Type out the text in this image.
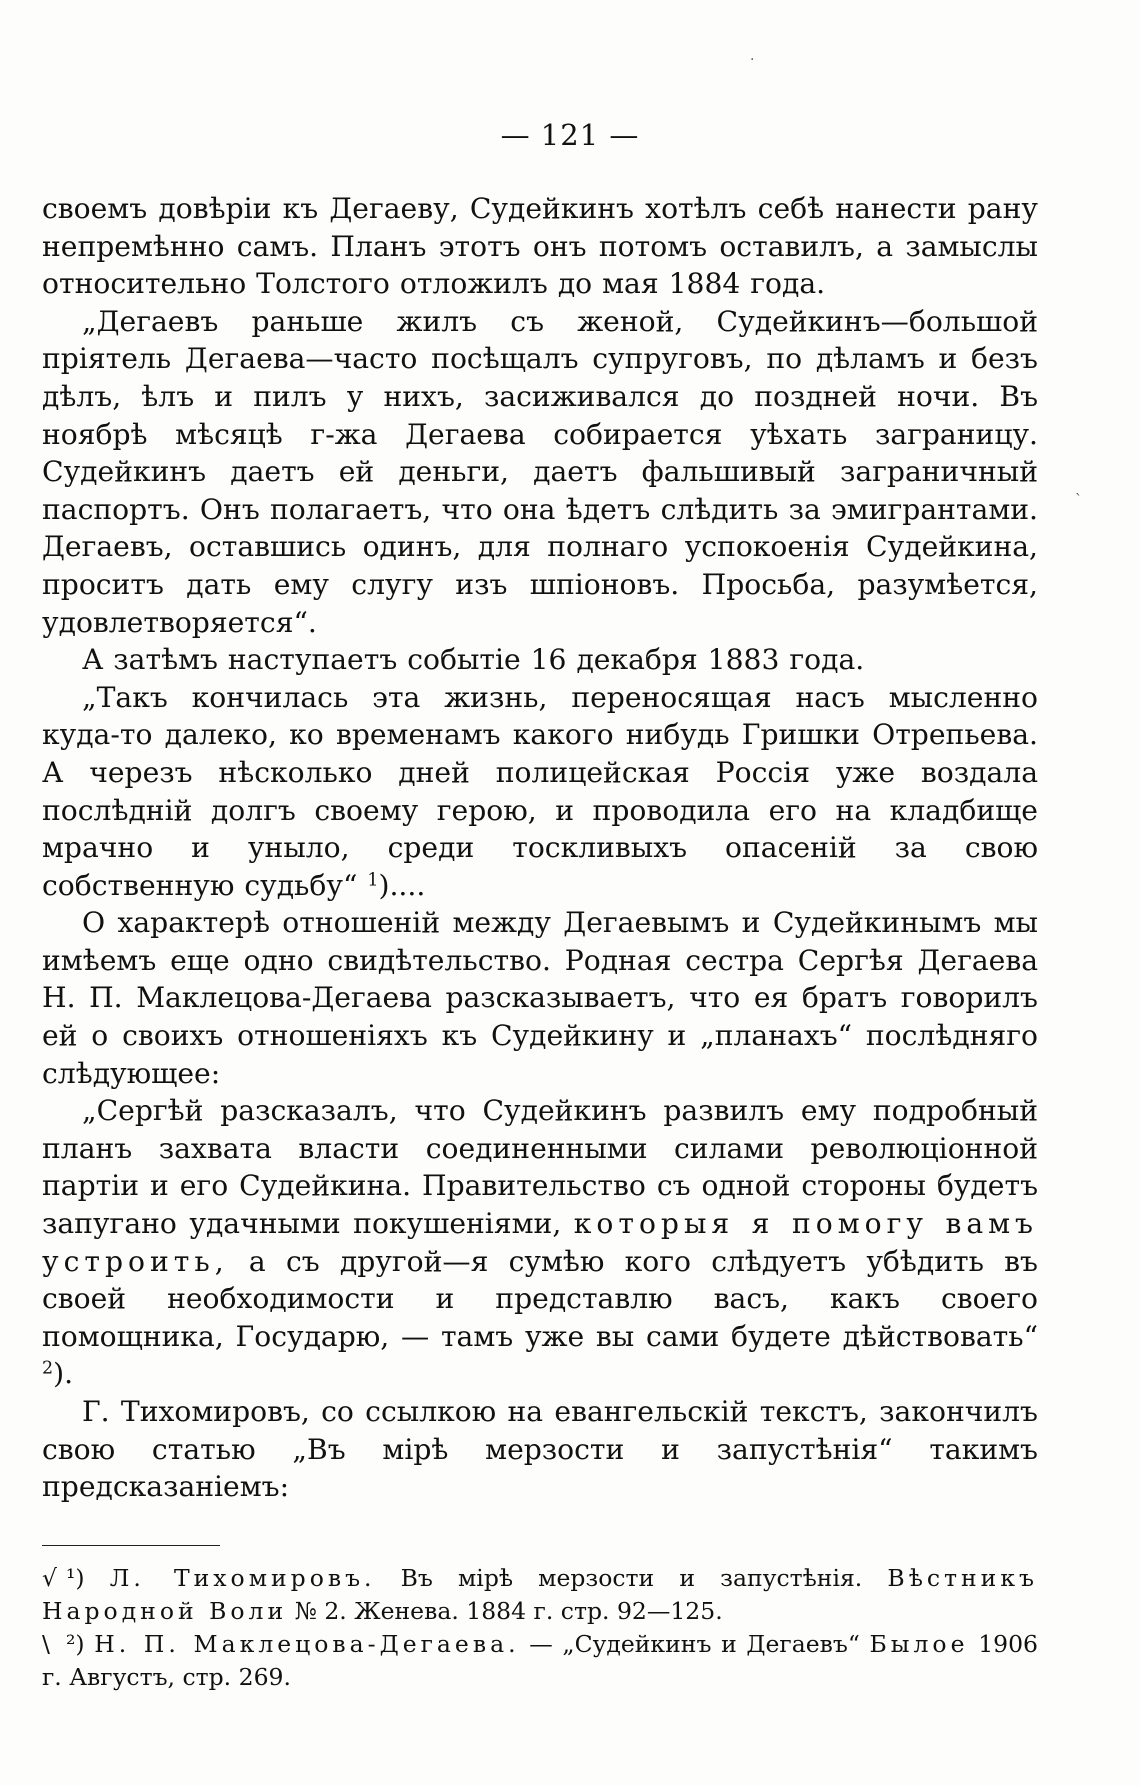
— 121 —
·
ˎ

своемъ довѣріи къ Дегаеву, Судейкинъ хотѣлъ себѣ нанести рану непремѣнно самъ. Планъ этотъ онъ потомъ оставилъ, а замыслы относительно Толстого отложилъ до мая 1884 года.

„Дегаевъ раньше жилъ съ женой, Судейкинъ—большой пріятель Дегаева—часто посѣщалъ супруговъ, по дѣламъ и безъ дѣлъ, ѣлъ и пилъ у нихъ, засиживался до поздней ночи. Въ ноябрѣ мѣсяцѣ г-жа Дегаева собирается уѣхать заграницу. Судейкинъ даетъ ей деньги, даетъ фальшивый заграничный паспортъ. Онъ полагаетъ, что она ѣдетъ слѣдить за эмигрантами. Дегаевъ, оставшись одинъ, для полнаго успокоенія Судейкина, проситъ дать ему слугу изъ шпіоновъ. Просьба, разумѣется, удовлетворяется“.

А затѣмъ наступаетъ событіе 16 декабря 1883 года.

„Такъ кончилась эта жизнь, переносящая насъ мысленно куда-то далеко, ко временамъ какого нибудь Гришки Отрепьева. А черезъ нѣсколько дней полицейская Россія уже воздала послѣдній долгъ своему герою, и проводила его на кладбище мрачно и уныло, среди тоскливыхъ опасеній за свою собственную судьбу“ $^1$)....

О характерѣ отношеній между Дегаевымъ и Судейкинымъ мы имѣемъ еще одно свидѣтельство. Родная сестра Сергѣя Дегаева Н. П. Маклецова-Дегаева разсказываетъ, что ея братъ говорилъ ей о своихъ отношеніяхъ къ Судейкину и „планахъ“ послѣдняго слѣдующее:

„Сергѣй разсказалъ, что Судейкинъ развилъ ему подробный планъ захвата власти соединенными силами революціонной партіи и его Судейкина. Правительство съ одной стороны будетъ запугано удачными покушеніями, которыя я помогу вамъ устроить, а съ другой—я сумѣю кого слѣдуетъ убѣдить въ своей необходимости и представлю васъ, какъ своего помощника, Государю, — тамъ уже вы сами будете дѣйствовать“ $^2$).

Г. Тихомировъ, со ссылкою на евангельскій текстъ, закончилъ свою статью „Въ мірѣ мерзости и запустѣнія“ такимъ предсказаніемъ:

√ ¹) Л. Тихомировъ. Въ мірѣ мерзости и запустѣнія. Вѣстникъ Народной Воли № 2. Женева. 1884 г. стр. 92—125.

\ ²) Н. П. Маклецова-Дегаева. — „Судейкинъ и Дегаевъ“ Былое 1906 г. Августъ, стр. 269.
